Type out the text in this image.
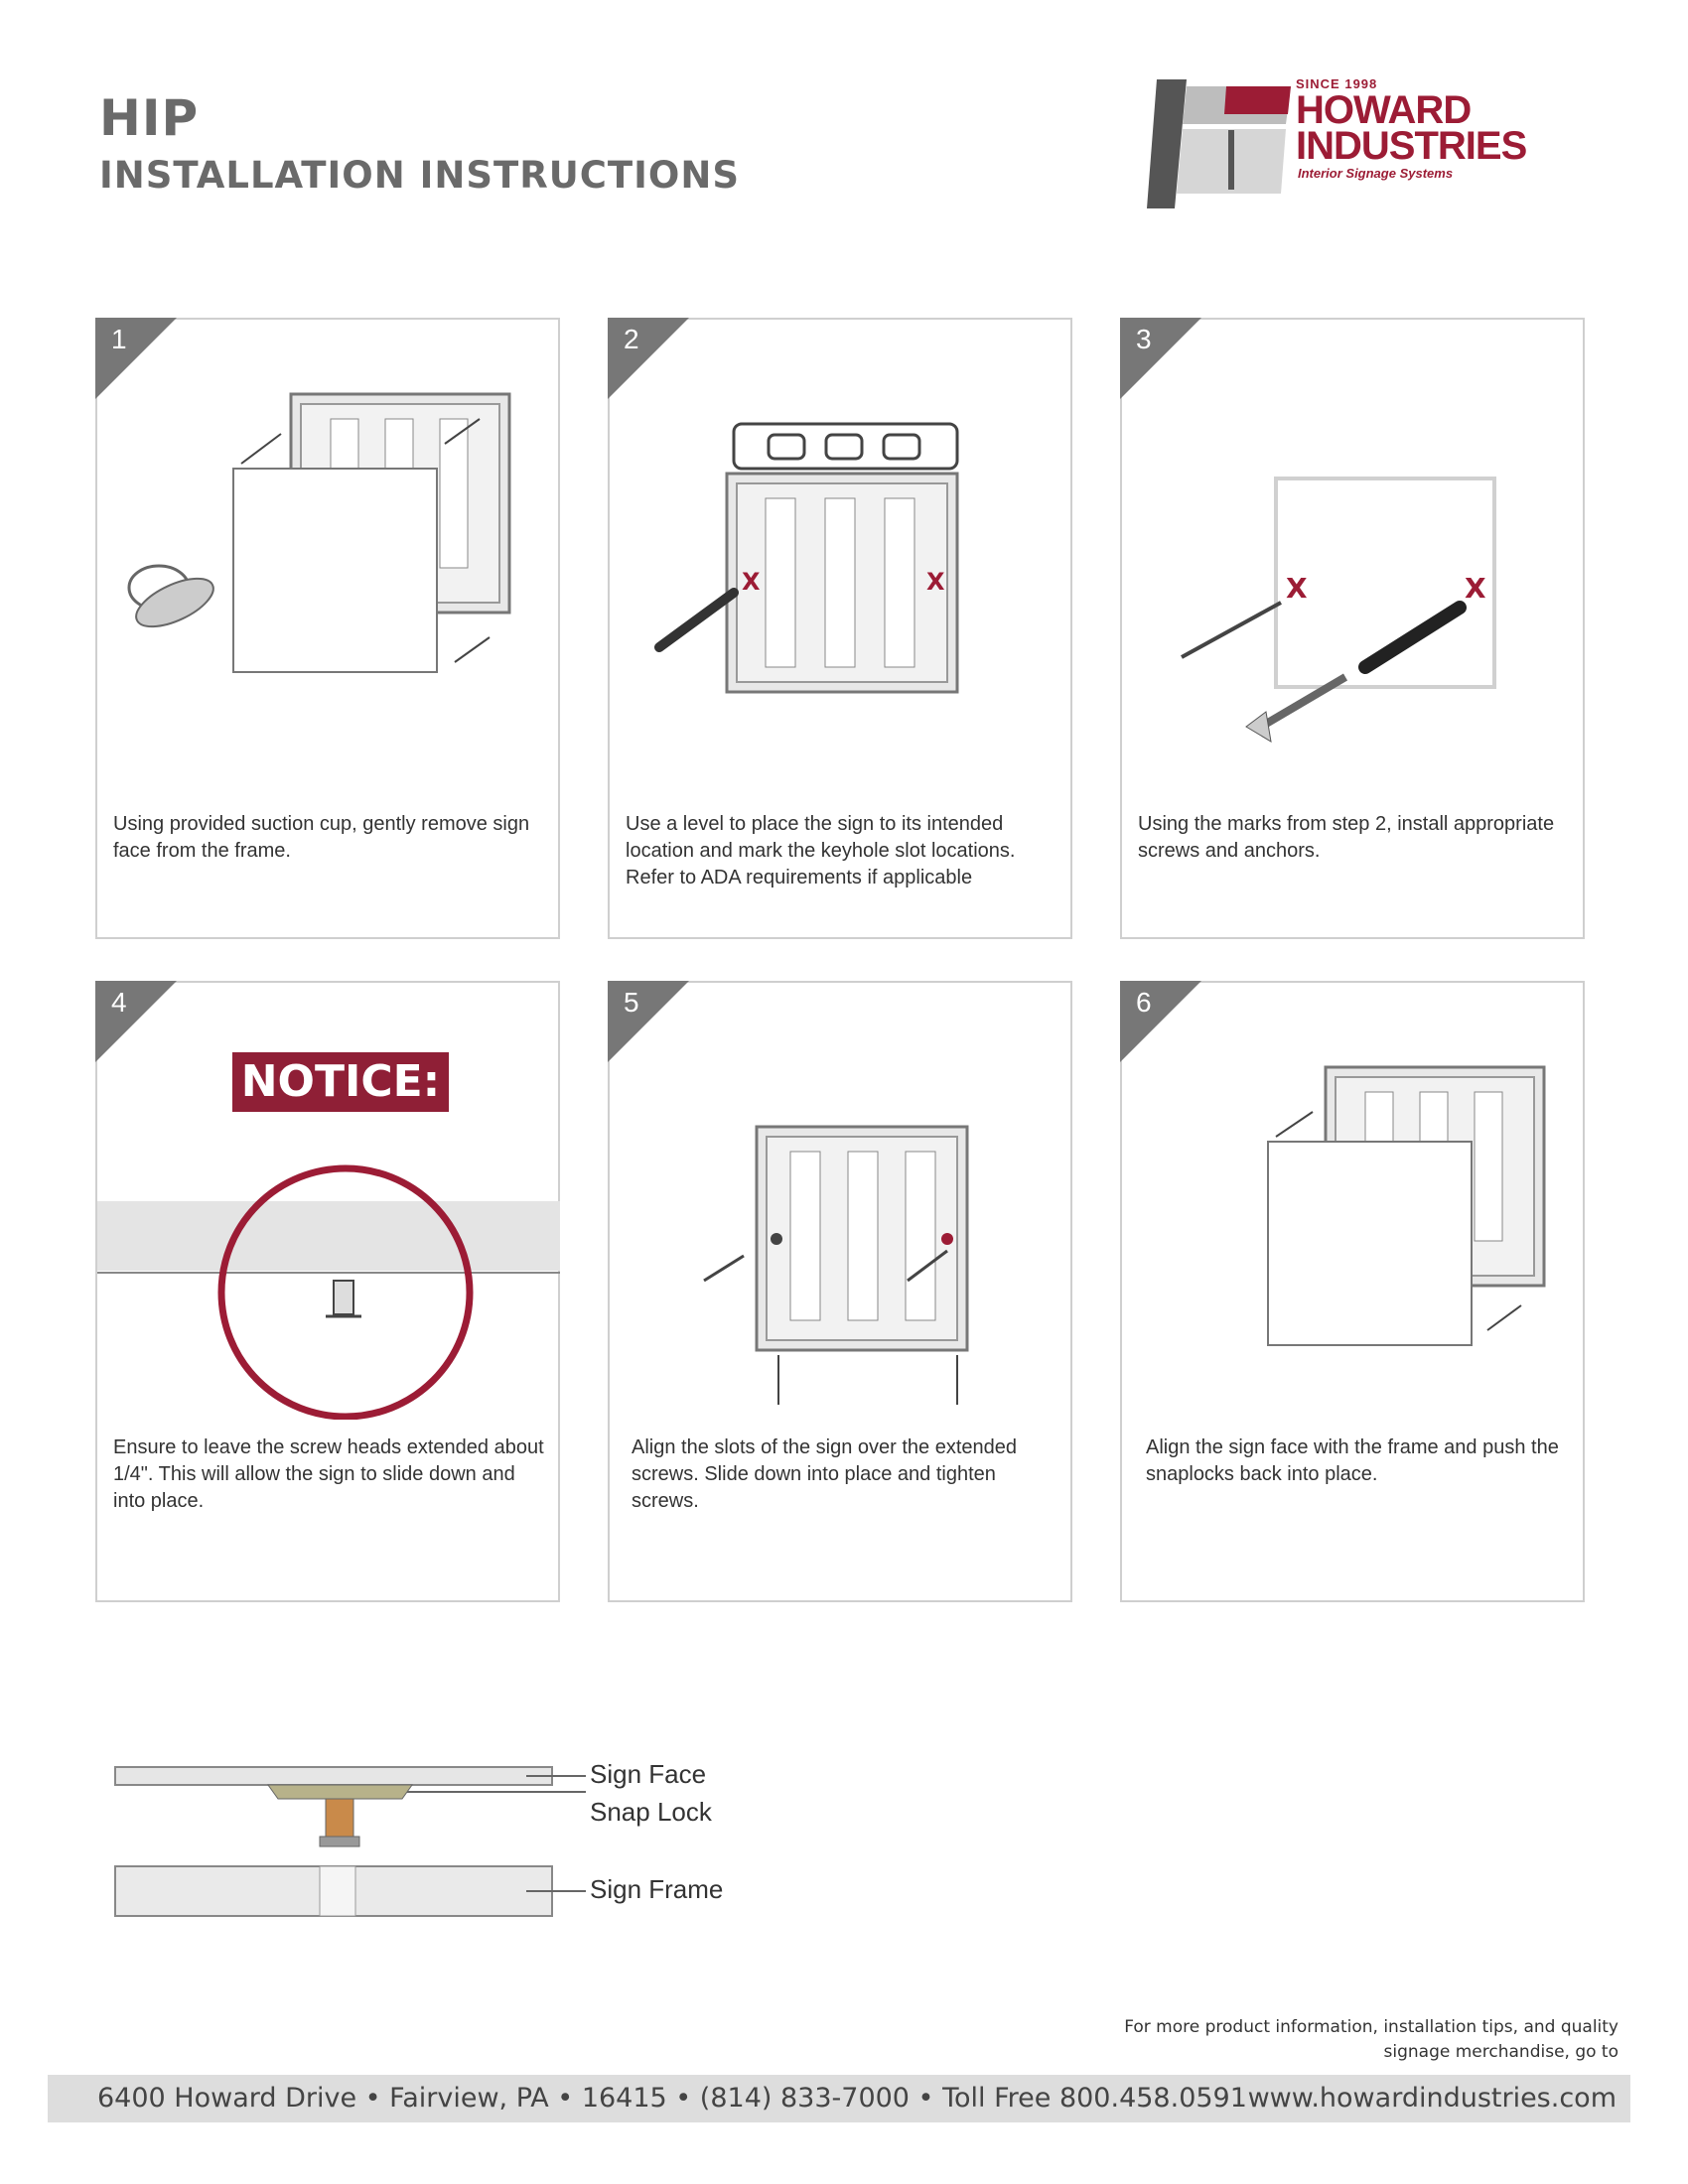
HIP
INSTALLATION INSTRUCTIONS
SINCE 1998
HOWARD
INDUSTRIES
Interior Signage Systems
1
Using provided suction cup, gently remove sign face from the frame.
2
X	X
Use a level to place the sign to its intended location and mark the keyhole slot locations. Refer to ADA requirements if applicable
3
X	X
Using the marks from step 2, install appropriate screws and anchors.
4
NOTICE:
Ensure to leave the screw heads extended about 1/4". This will allow the sign to slide down and into place.
5
Align the slots of the sign over the extended screws. Slide down into place and tighten screws.
6
Align the sign face with the frame and push the snaplocks back into place.
Sign Face
Snap Lock
Sign Frame
For more product information, installation tips, and quality signage merchandise, go to
6400 Howard Drive • Fairview, PA • 16415 • (814) 833-7000 • Toll Free 800.458.0591 www.howardindustries.com
